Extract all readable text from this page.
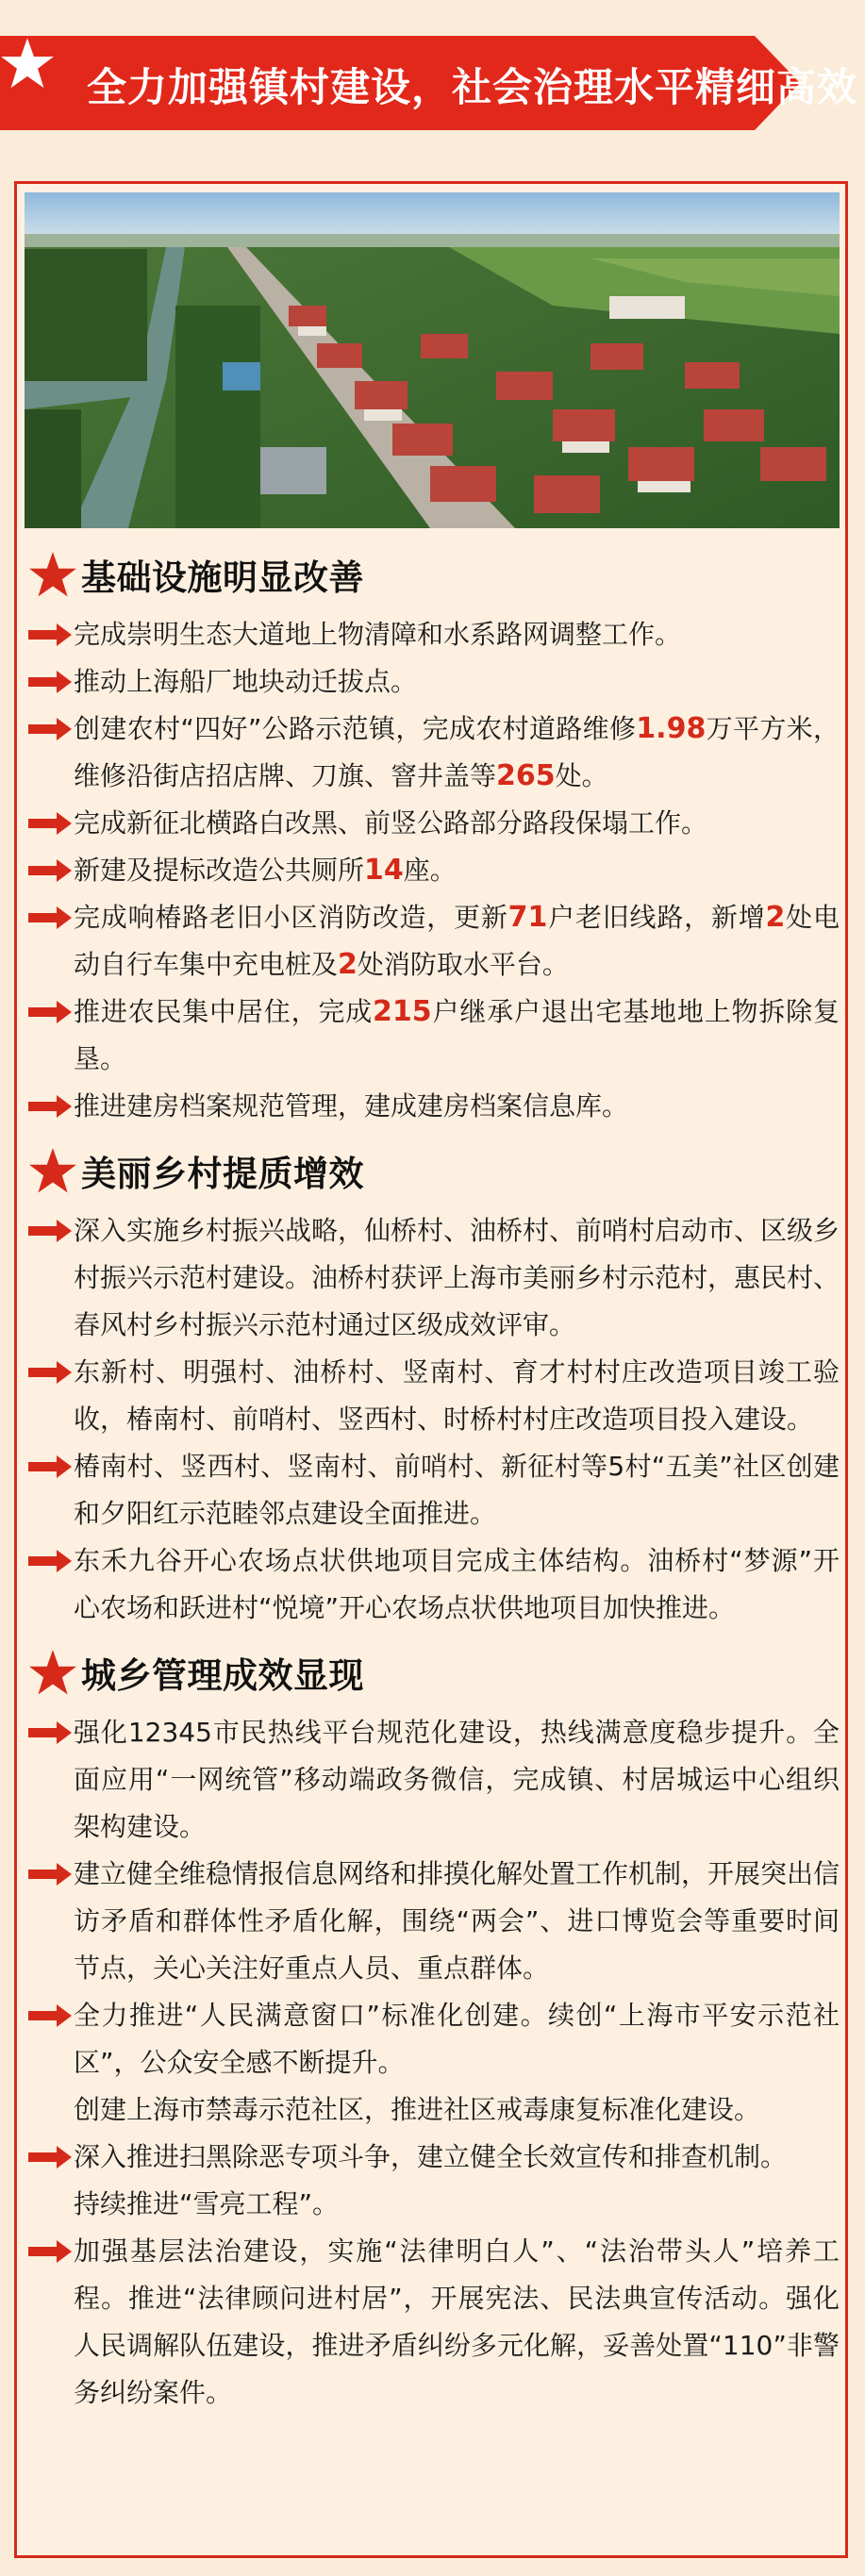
全力加强镇村建设，社会治理水平精细高效
基础设施明显改善
完成崇明生态大道地上物清障和水系路网调整工作。
推动上海船厂地块动迁拔点。
创建农村“四好”公路示范镇，完成农村道路维修1.98万平方米，维修沿街店招店牌、刀旗、窨井盖等265处。
完成新征北横路白改黑、前竖公路部分路段保塌工作。
新建及提标改造公共厕所14座。
完成响椿路老旧小区消防改造，更新71户老旧线路，新增2处电动自行车集中充电桩及2处消防取水平台。
推进农民集中居住，完成215户继承户退出宅基地地上物拆除复垦。
推进建房档案规范管理，建成建房档案信息库。
美丽乡村提质增效
深入实施乡村振兴战略，仙桥村、油桥村、前哨村启动市、区级乡村振兴示范村建设。油桥村获评上海市美丽乡村示范村，惠民村、春风村乡村振兴示范村通过区级成效评审。
东新村、明强村、油桥村、竖南村、育才村村庄改造项目竣工验收，椿南村、前哨村、竖西村、时桥村村庄改造项目投入建设。
椿南村、竖西村、竖南村、前哨村、新征村等5村“五美”社区创建和夕阳红示范睦邻点建设全面推进。
东禾九谷开心农场点状供地项目完成主体结构。油桥村“梦源”开心农场和跃进村“悦境”开心农场点状供地项目加快推进。
城乡管理成效显现
强化12345市民热线平台规范化建设，热线满意度稳步提升。全面应用“一网统管”移动端政务微信，完成镇、村居城运中心组织架构建设。
建立健全维稳情报信息网络和排摸化解处置工作机制，开展突出信访矛盾和群体性矛盾化解，围绕“两会”、进口博览会等重要时间节点，关心关注好重点人员、重点群体。
全力推进“人民满意窗口”标准化创建。续创“上海市平安示范社区”，公众安全感不断提升。
创建上海市禁毒示范社区，推进社区戒毒康复标准化建设。
深入推进扫黑除恶专项斗争，建立健全长效宣传和排查机制。
持续推进“雪亮工程”。
加强基层法治建设，实施“法律明白人”、“法治带头人”培养工程。推进“法律顾问进村居”，开展宪法、民法典宣传活动。强化人民调解队伍建设，推进矛盾纠纷多元化解，妥善处置“110”非警务纠纷案件。
